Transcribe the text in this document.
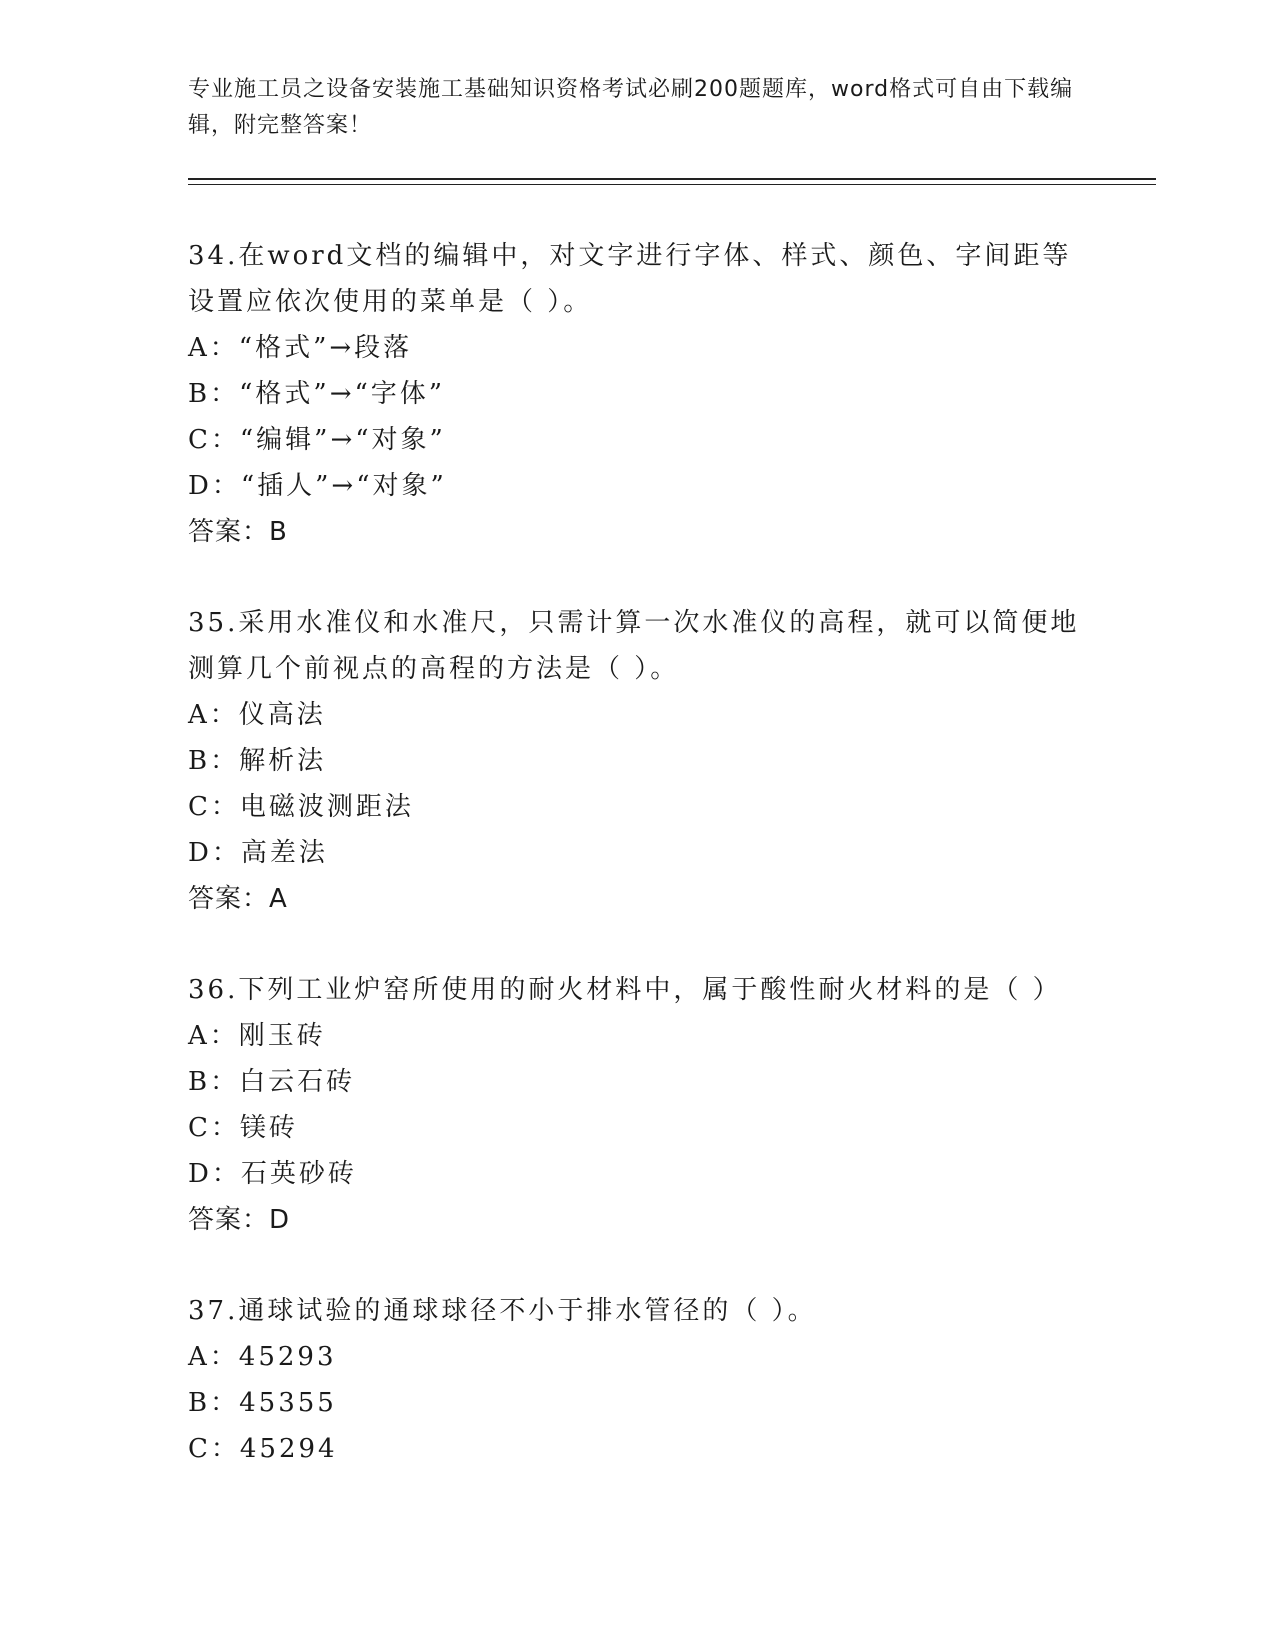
专业施工员之设备安装施工基础知识资格考试必刷200题题库，word格式可自由下载编辑，附完整答案！
34.在word文档的编辑中，对文字进行字体、样式、颜色、字间距等设置应依次使用的菜单是（ ）。
A：“格式”→段落
B：“格式”→“字体”
C：“编辑”→“对象”
D：“插人”→“对象”
答案：B
35.采用水准仪和水准尺，只需计算一次水准仪的高程，就可以简便地测算几个前视点的高程的方法是（ ）。
A：仪高法
B：解析法
C：电磁波测距法
D：高差法
答案：A
36.下列工业炉窑所使用的耐火材料中，属于酸性耐火材料的是（ ）
A：刚玉砖
B：白云石砖
C：镁砖
D：石英砂砖
答案：D
37.通球试验的通球球径不小于排水管径的（ ）。
A：45293
B：45355
C：45294
